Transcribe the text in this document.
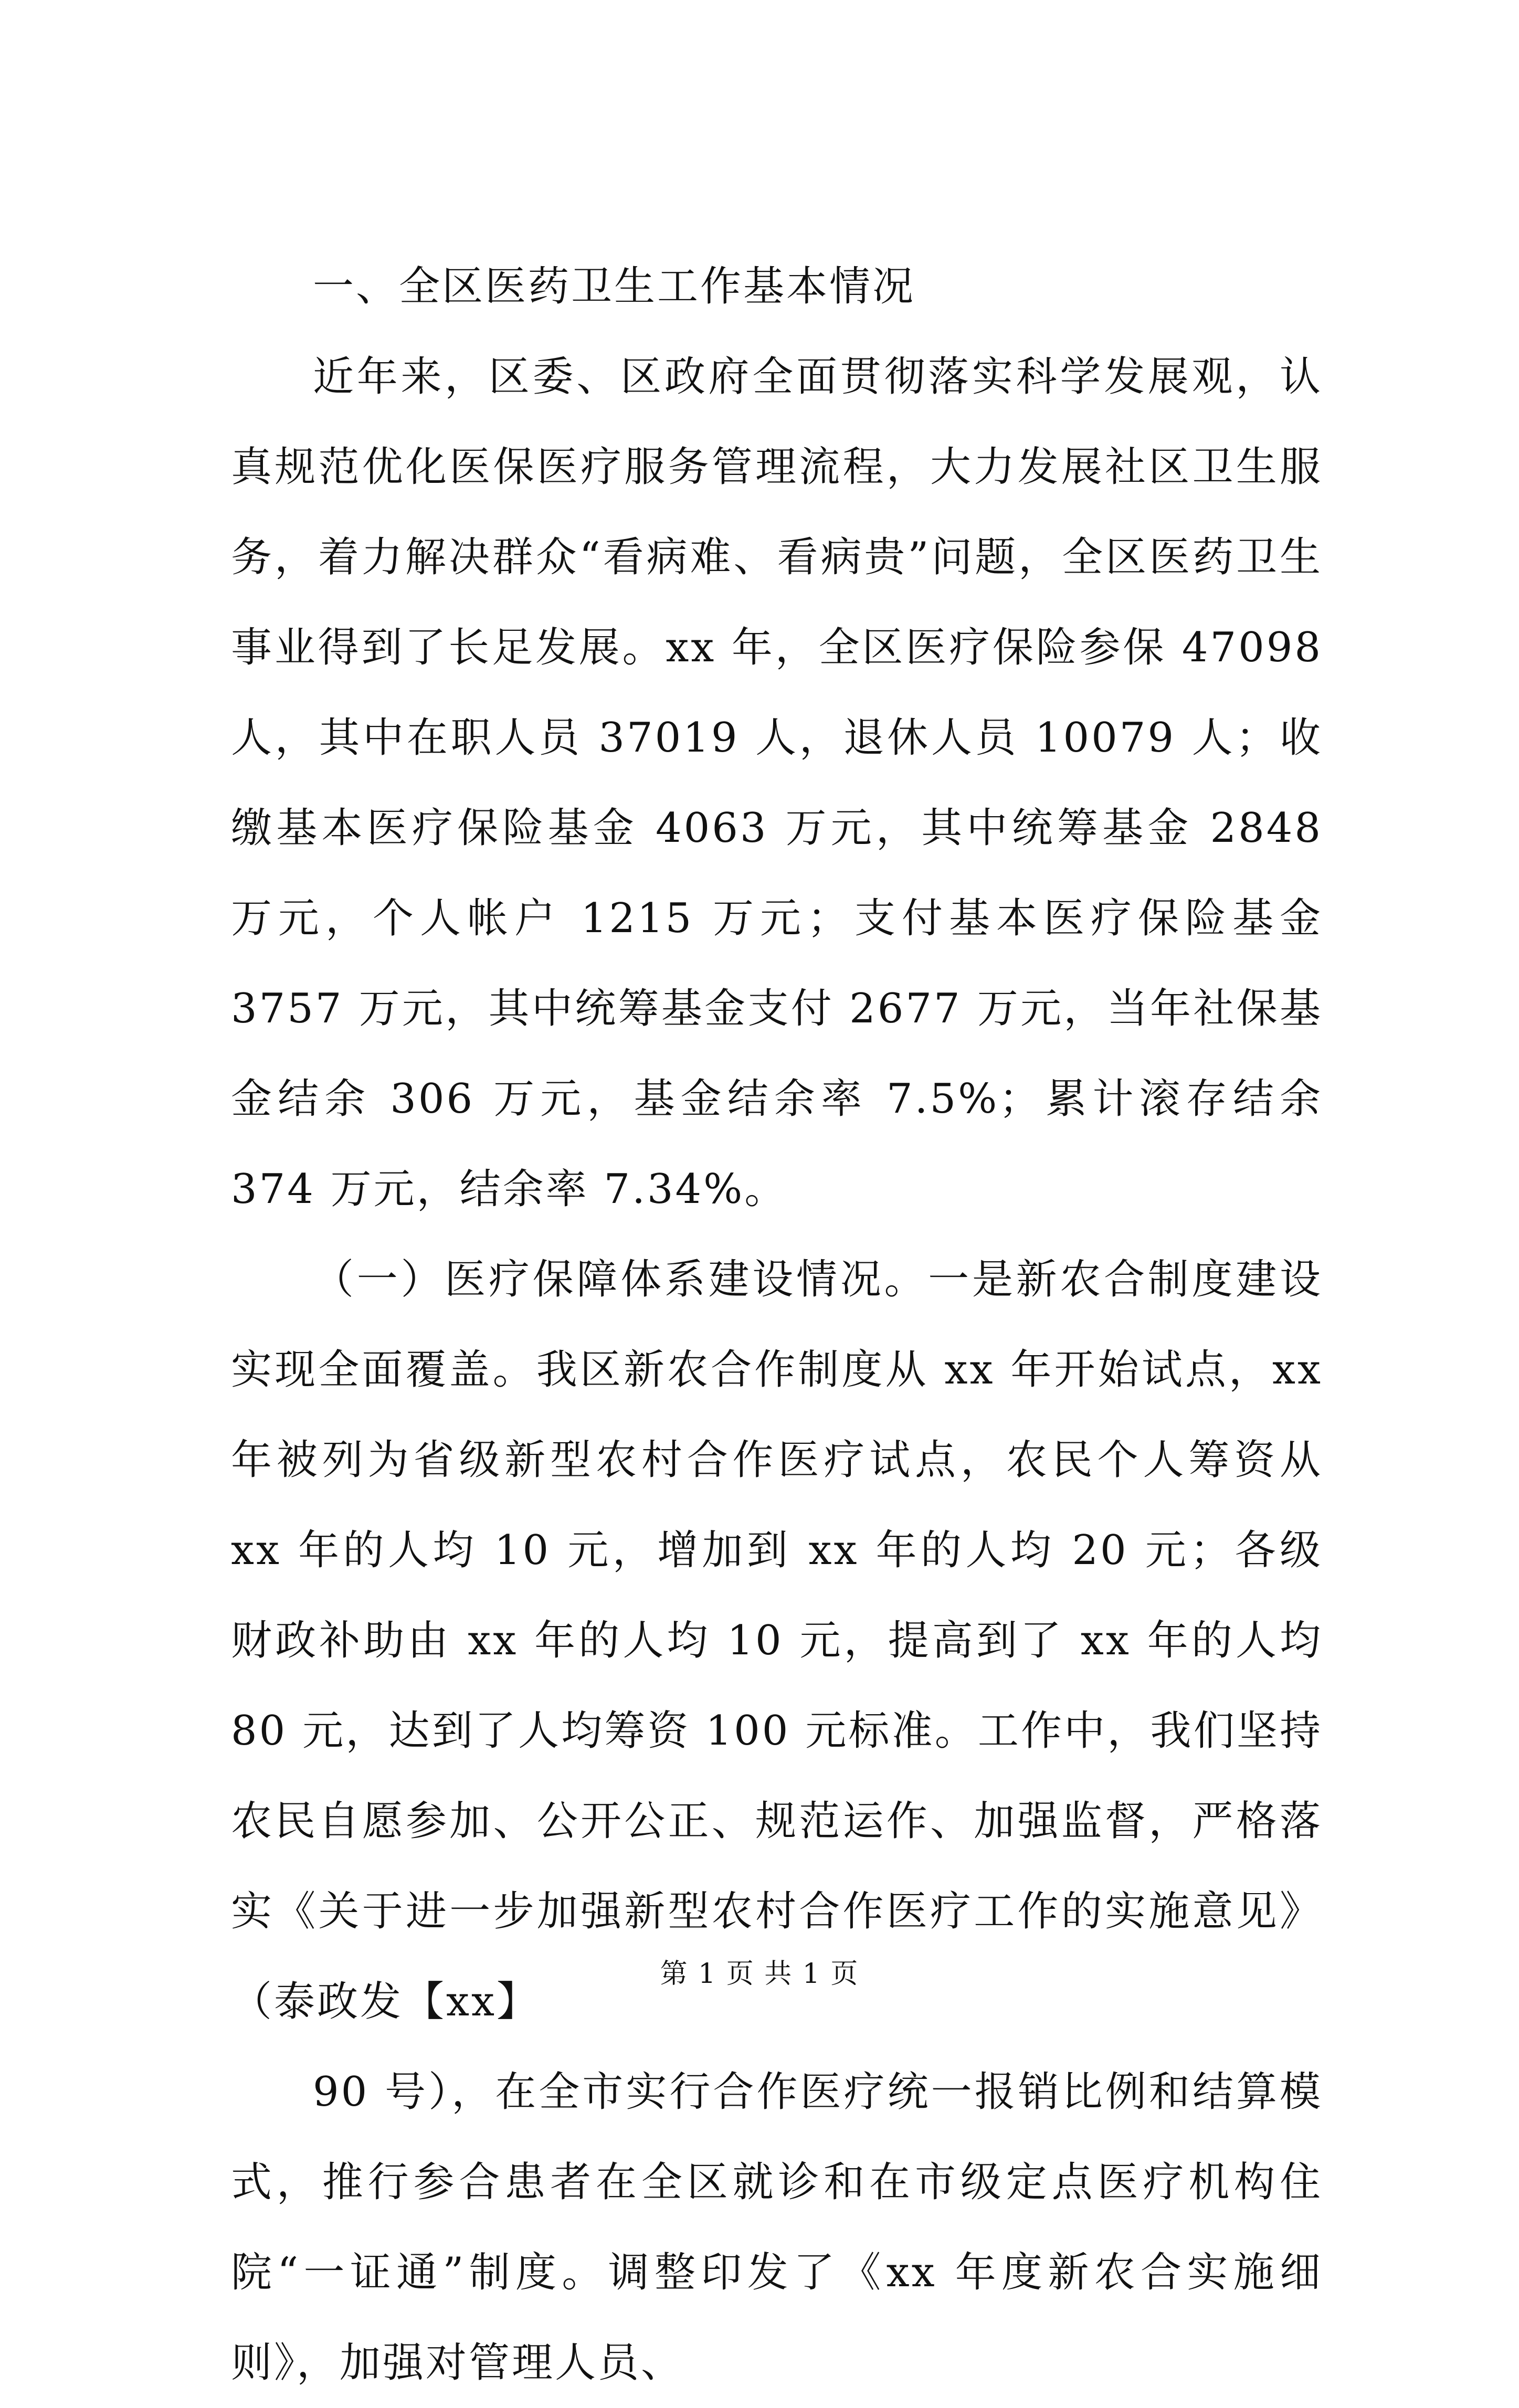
一、全区医药卫生工作基本情况

近年来，区委、区政府全面贯彻落实科学发展观，认真规范优化医保医疗服务管理流程，大力发展社区卫生服务，着力解决群众“看病难、看病贵”问题，全区医药卫生事业得到了长足发展。xx 年，全区医疗保险参保 47098 人，其中在职人员 37019 人，退休人员 10079 人；收缴基本医疗保险基金 4063 万元，其中统筹基金 2848 万元，个人帐户 1215 万元；支付基本医疗保险基金 3757 万元，其中统筹基金支付 2677 万元，当年社保基金结余 306 万元，基金结余率 7.5%；累计滚存结余 374 万元，结余率 7.34%。

（一）医疗保障体系建设情况。一是新农合制度建设实现全面覆盖。我区新农合作制度从 xx 年开始试点，xx 年被列为省级新型农村合作医疗试点，农民个人筹资从 xx 年的人均 10 元，增加到 xx 年的人均 20 元；各级财政补助由 xx 年的人均 10 元，提高到了 xx 年的人均 80 元，达到了人均筹资 100 元标准。工作中，我们坚持农民自愿参加、公开公正、规范运作、加强监督，严格落实《关于进一步加强新型农村合作医疗工作的实施意见》（泰政发【xx】

90 号），在全市实行合作医疗统一报销比例和结算模式，推行参合患者在全区就诊和在市级定点医疗机构住院“一证通”制度。调整印发了《xx 年度新农合实施细则》，加强对管理人员、

第 1 页 共 1 页
